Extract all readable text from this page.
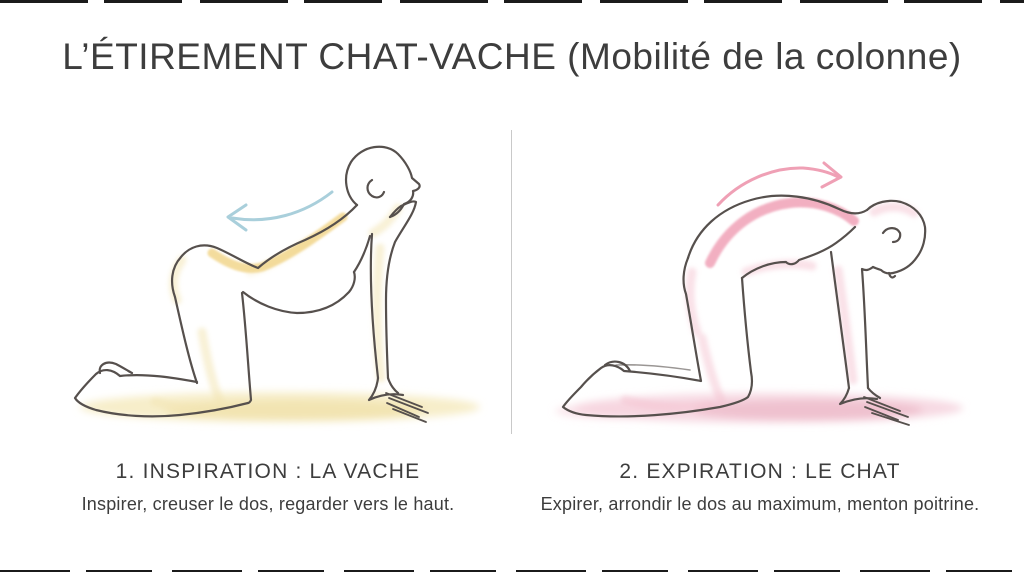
L’ÉTIREMENT CHAT-VACHE (Mobilité de la colonne)
1. INSPIRATION : LA VACHE

Inspirer, creuser le dos, regarder vers le haut.

2. EXPIRATION : LE CHAT

Expirer, arrondir le dos au maximum, menton poitrine.
